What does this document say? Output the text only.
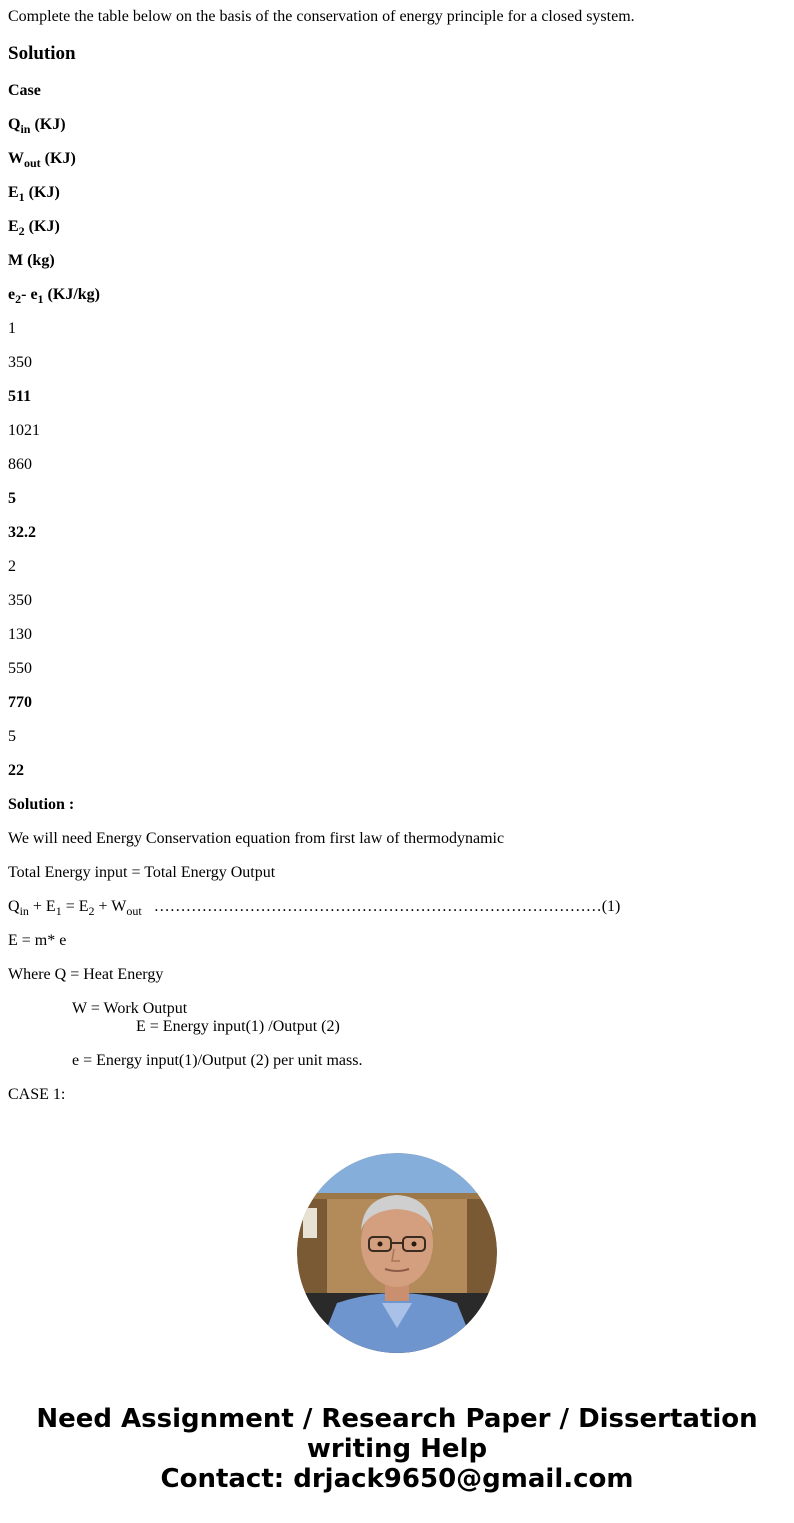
Complete the table below on the basis of the conservation of energy principle for a closed system.

Solution

Case

$Q_{in}$ (KJ)

$W_{out}$ (KJ)

$E_1$ (KJ)

$E_2$ (KJ)

M (kg)

$e_2-$ $e_1$ (KJ/kg)

1

350

511

1021

860

5

32.2

2

350

130

550

770

5

22

Solution :

We will need Energy Conservation equation from first law of thermodynamic

Total Energy input = Total Energy Output

$Q_{in} + E_1 = E_2 + W_{out}$   …………………………………………………………………………(1)

E = m* e

Where Q = Heat Energy

W = Work Output

E = Energy input(1) /Output (2)

e = Energy input(1)/Output (2) per unit mass.

CASE 1:

Need Assignment / Research Paper / Dissertation
writing Help
Contact: drjack9650@gmail.com
